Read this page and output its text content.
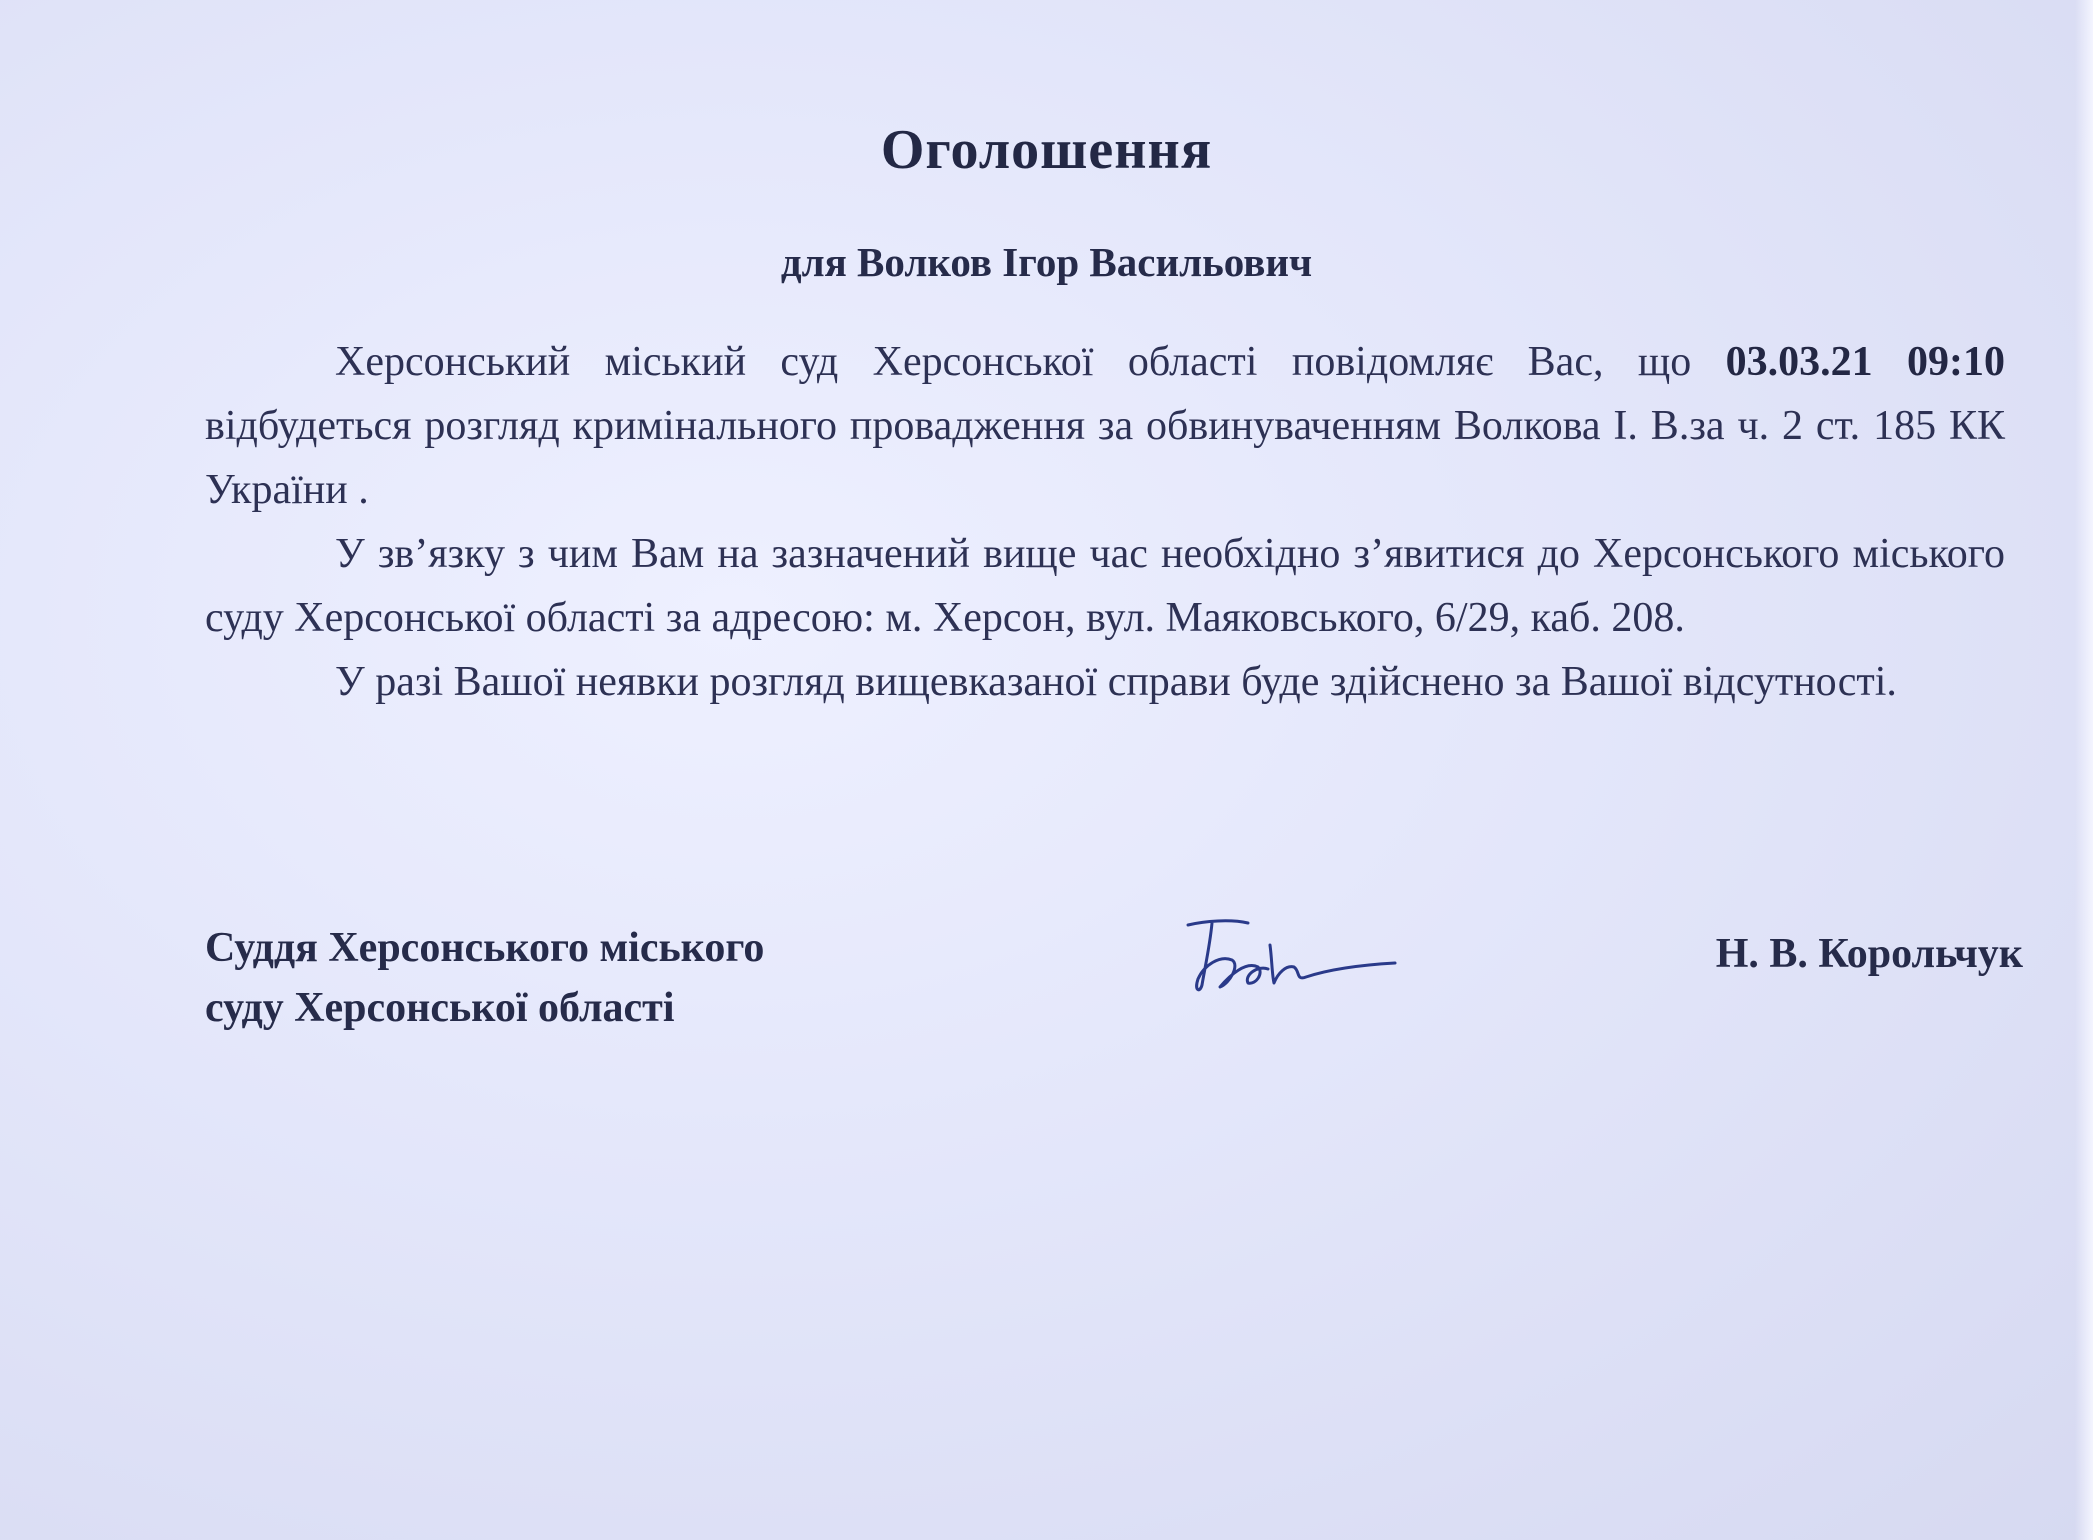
Оголошення
для Волков Ігор Васильович

Херсонський міський суд Херсонської області повідомляє Вас, що 03.03.21 09:10 відбудеться розгляд кримінального провадження за обвинуваченням Волкова І. В.за ч. 2 ст. 185 КК України .

У зв’язку з чим Вам на зазначений вище час необхідно з’явитися до Херсонського міського суду Херсонської області за адресою: м. Херсон, вул. Маяковського, 6/29, каб. 208.

У разі Вашої неявки розгляд вищевказаної справи буде здійснено за Вашої відсутності.

Суддя Херсонського міського
суду Херсонської області
Н. В. Корольчук
